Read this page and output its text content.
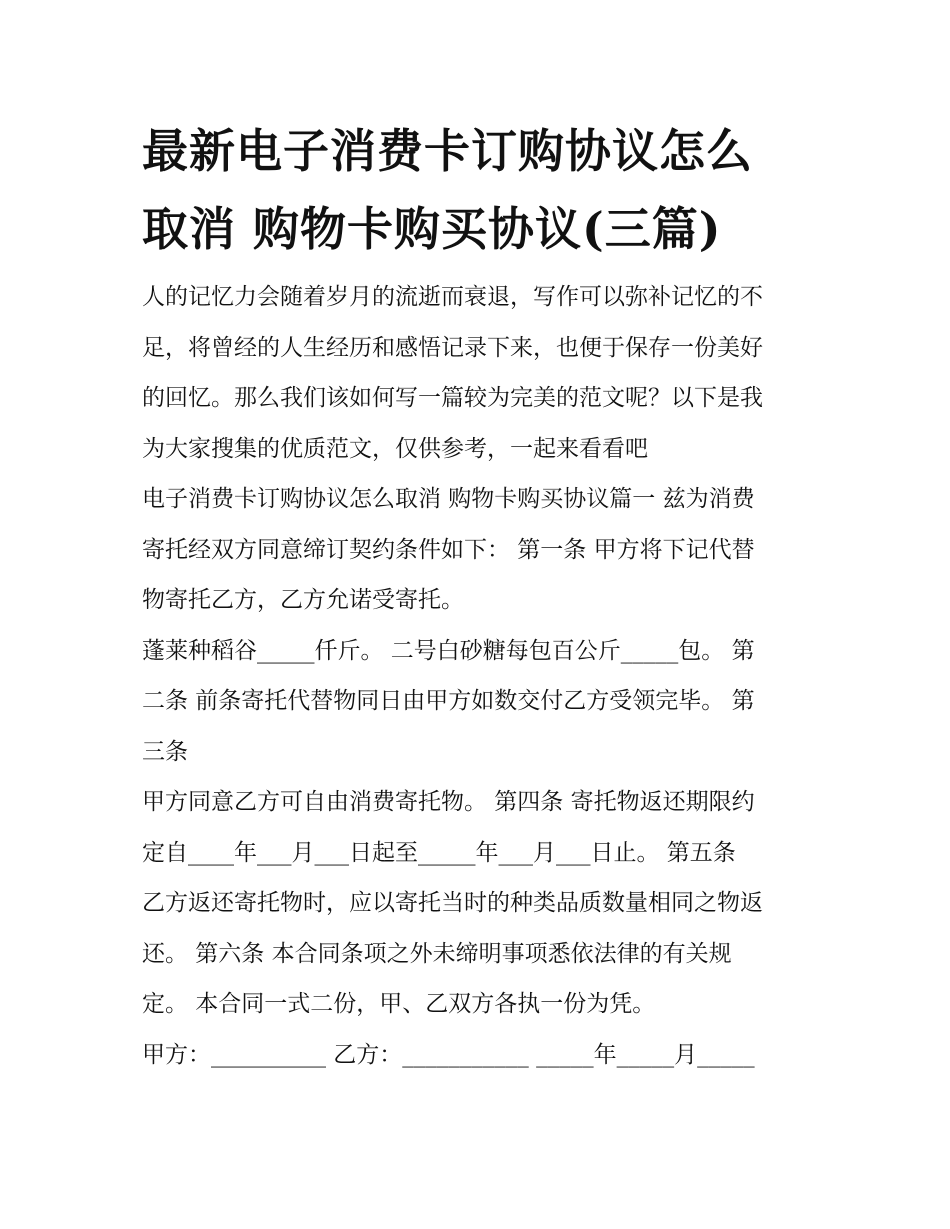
最新电子消费卡订购协议怎么
取消 购物卡购买协议(三篇)

人的记忆力会随着岁月的流逝而衰退，写作可以弥补记忆的不
足，将曾经的人生经历和感悟记录下来，也便于保存一份美好
的回忆。那么我们该如何写一篇较为完美的范文呢？以下是我
为大家搜集的优质范文，仅供参考，一起来看看吧

电子消费卡订购协议怎么取消 购物卡购买协议篇一 兹为消费
寄托经双方同意缔订契约条件如下： 第一条 甲方将下记代替
物寄托乙方，乙方允诺受寄托。

蓬莱种稻谷_____仟斤。 二号白砂糖每包百公斤_____包。 第
二条 前条寄托代替物同日由甲方如数交付乙方受领完毕。 第
三条

甲方同意乙方可自由消费寄托物。 第四条 寄托物返还期限约
定自____年___月___日起至_____年___月___日止。 第五条
乙方返还寄托物时，应以寄托当时的种类品质数量相同之物返
还。 第六条 本合同条项之外未缔明事项悉依法律的有关规
定。 本合同一式二份，甲、乙双方各执一份为凭。

甲方：__________ 乙方：___________ _____年_____月_____
